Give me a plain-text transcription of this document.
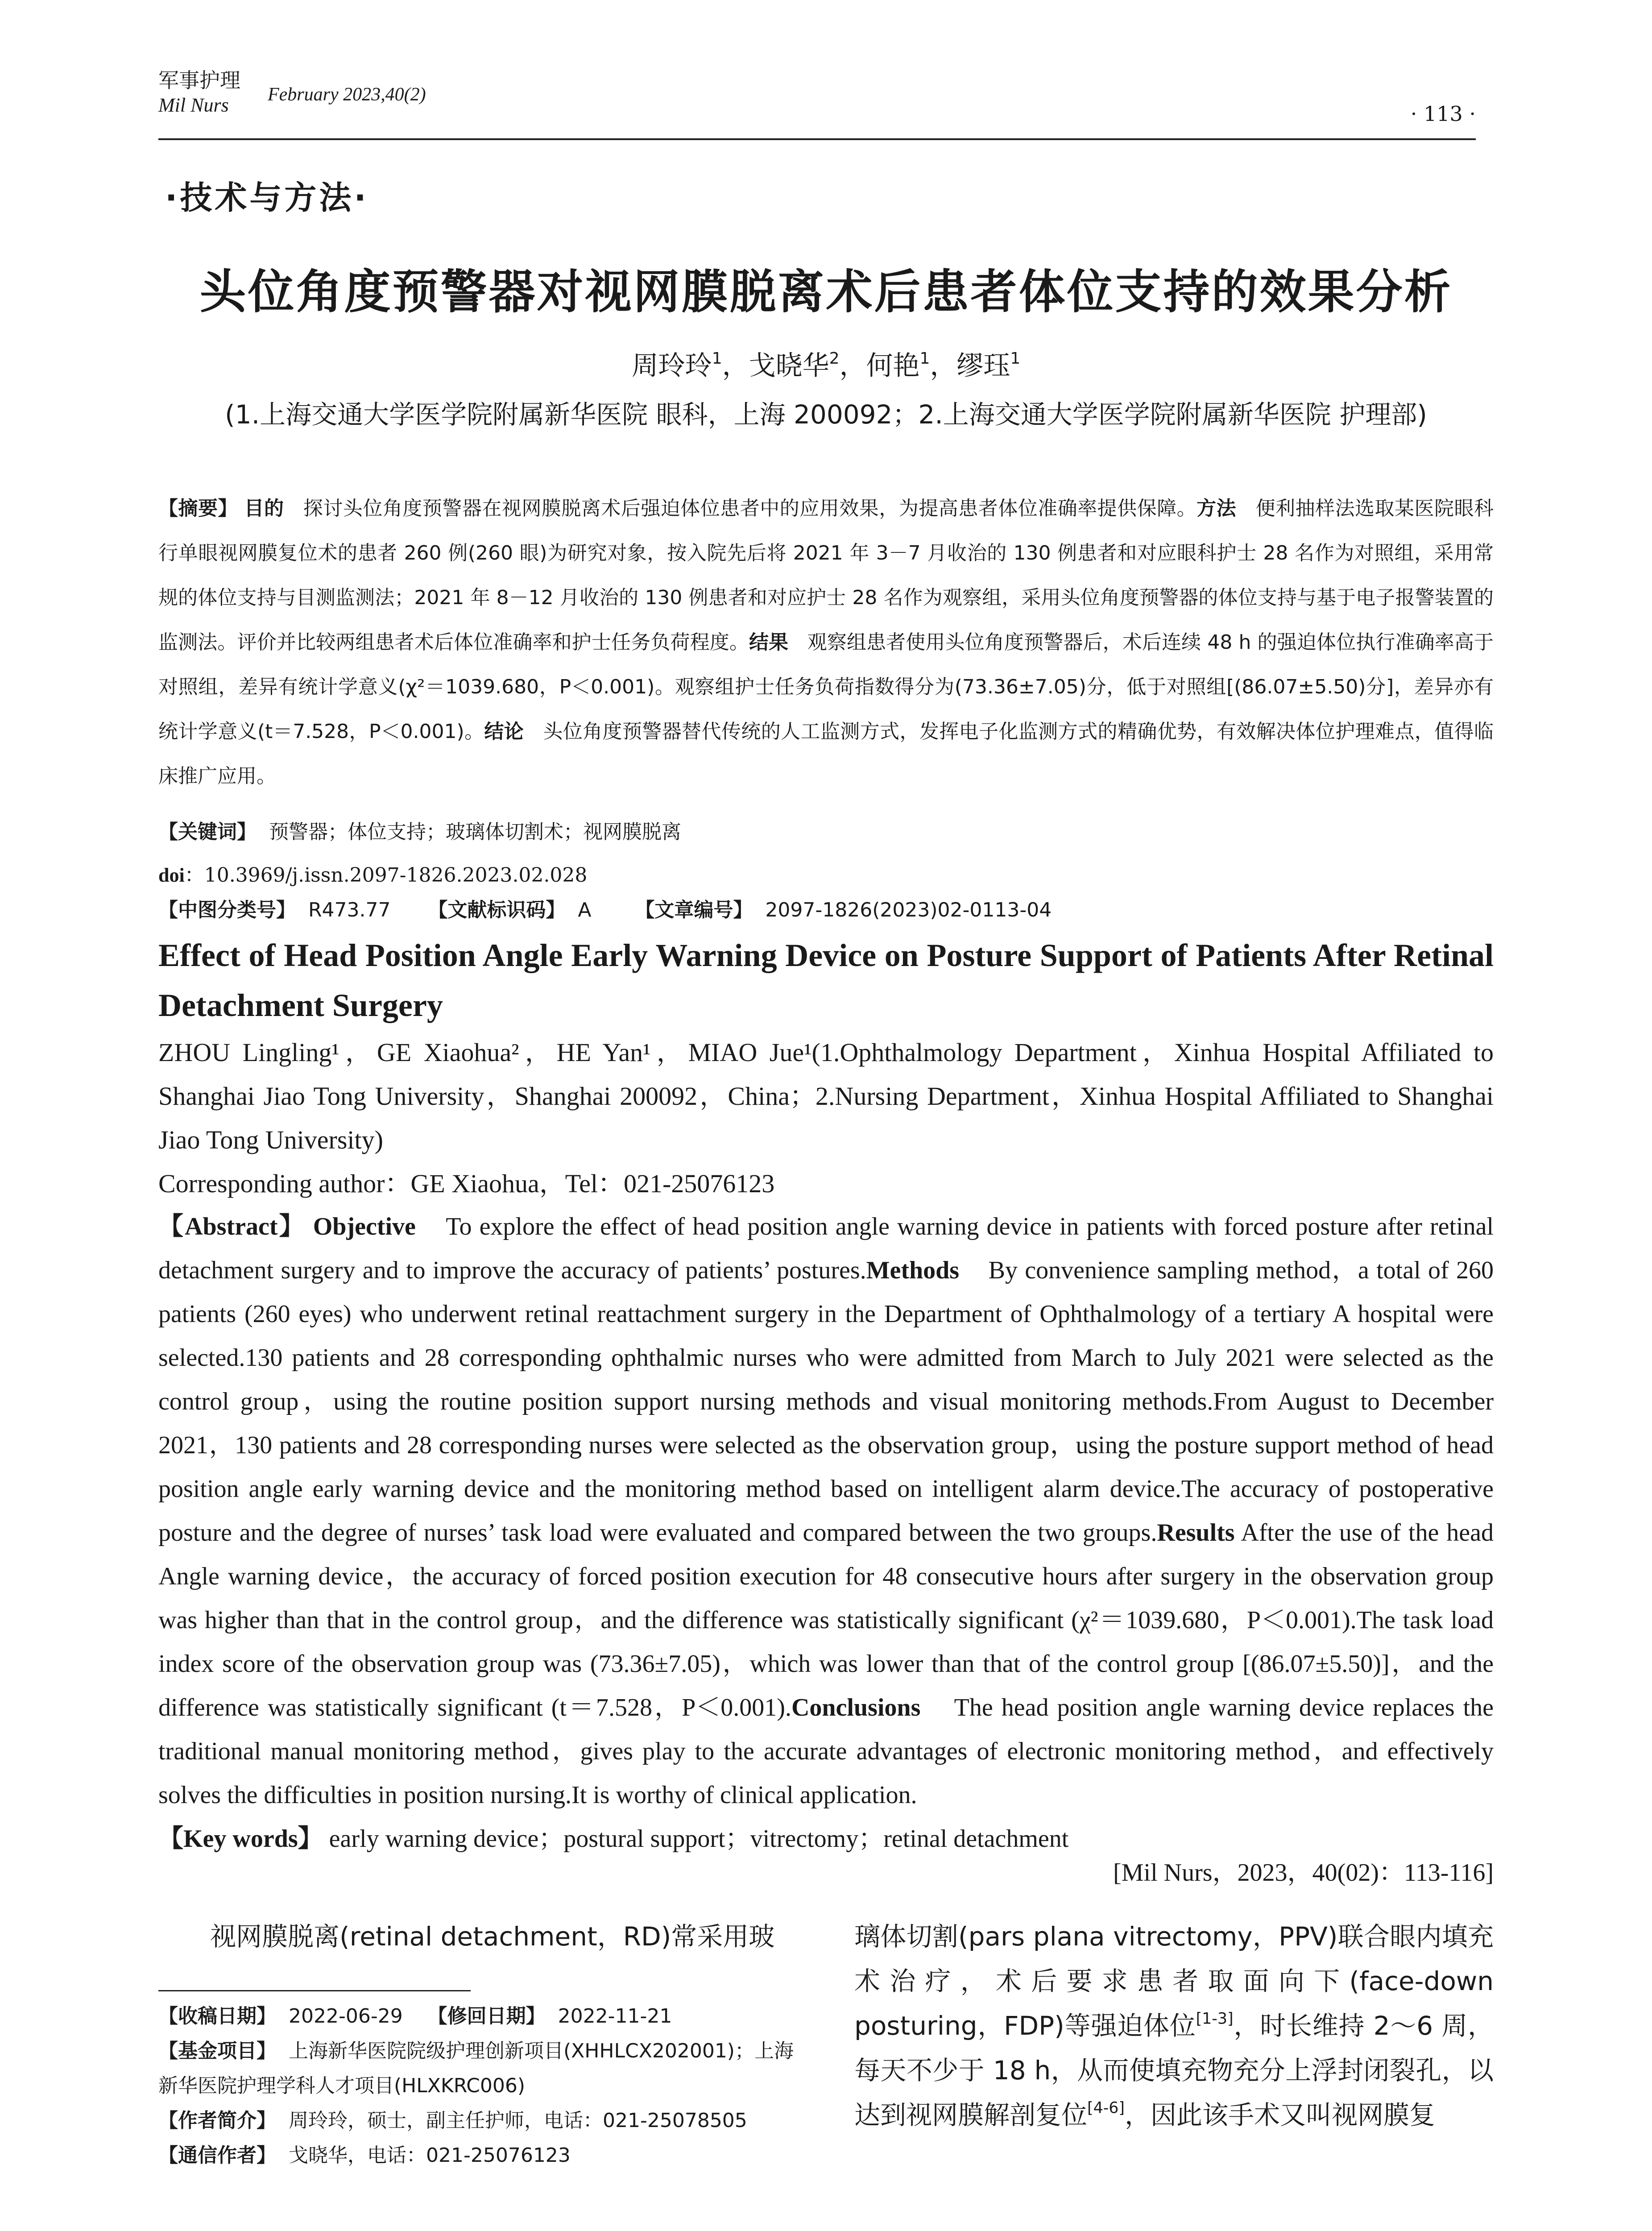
军事护理
Mil Nurs	February 2023,40(2)
· 113 ·
·技术与方法·
头位角度预警器对视网膜脱离术后患者体位支持的效果分析
周玲玲$^1$，戈晓华$^2$，何艳$^1$，缪珏$^1$
(1.上海交通大学医学院附属新华医院 眼科，上海 200092；2.上海交通大学医学院附属新华医院 护理部)
【摘要】 目的 探讨头位角度预警器在视网膜脱离术后强迫体位患者中的应用效果，为提高患者体位准确率提供保障。方法 便利抽样法选取某医院眼科行单眼视网膜复位术的患者 260 例(260 眼)为研究对象，按入院先后将 2021 年 3－7 月收治的 130 例患者和对应眼科护士 28 名作为对照组，采用常规的体位支持与目测监测法；2021 年 8－12 月收治的 130 例患者和对应护士 28 名作为观察组，采用头位角度预警器的体位支持与基于电子报警装置的监测法。评价并比较两组患者术后体位准确率和护士任务负荷程度。结果 观察组患者使用头位角度预警器后，术后连续 48 h 的强迫体位执行准确率高于对照组，差异有统计学意义(χ²＝1039.680，P＜0.001)。观察组护士任务负荷指数得分为(73.36±7.05)分，低于对照组[(86.07±5.50)分]，差异亦有统计学意义(t＝7.528，P＜0.001)。结论 头位角度预警器替代传统的人工监测方式，发挥电子化监测方式的精确优势，有效解决体位护理难点，值得临床推广应用。
【关键词】 预警器；体位支持；玻璃体切割术；视网膜脱离
doi：10.3969/j.issn.2097-1826.2023.02.028
【中图分类号】 R473.77 【文献标识码】 A 【文章编号】 2097-1826(2023)02-0113-04
Effect of Head Position Angle Early Warning Device on Posture Support of Patients After Retinal Detachment Surgery

ZHOU Lingling¹，GE Xiaohua²，HE Yan¹，MIAO Jue¹(1.Ophthalmology Department，Xinhua Hospital Affiliated to Shanghai Jiao Tong University，Shanghai 200092，China；2.Nursing Department，Xinhua Hospital Affiliated to Shanghai Jiao Tong University)

Corresponding author：GE Xiaohua，Tel：021-25076123

【Abstract】 Objective To explore the effect of head position angle warning device in patients with forced posture after retinal detachment surgery and to improve the accuracy of patients’ postures.Methods By convenience sampling method，a total of 260 patients (260 eyes) who underwent retinal reattachment surgery in the Department of Ophthalmology of a tertiary A hospital were selected.130 patients and 28 corresponding ophthalmic nurses who were admitted from March to July 2021 were selected as the control group，using the routine position support nursing methods and visual monitoring methods.From August to December 2021，130 patients and 28 corresponding nurses were selected as the observation group，using the posture support method of head position angle early warning device and the monitoring method based on intelligent alarm device.The accuracy of postoperative posture and the degree of nurses’ task load were evaluated and compared between the two groups.Results After the use of the head Angle warning device，the accuracy of forced position execution for 48 consecutive hours after surgery in the observation group was higher than that in the control group，and the difference was statistically significant (χ²＝1039.680，P＜0.001).The task load index score of the observation group was (73.36±7.05)，which was lower than that of the control group [(86.07±5.50)]，and the difference was statistically significant (t＝7.528，P＜0.001).Conclusions The head position angle warning device replaces the traditional manual monitoring method，gives play to the accurate advantages of electronic monitoring method，and effectively solves the difficulties in position nursing.It is worthy of clinical application.
【Key words】 early warning device；postural support；vitrectomy；retinal detachment
[Mil Nurs，2023，40(02)：113-116]

视网膜脱离(retinal detachment，RD)常采用玻

【收稿日期】 2022-06-29 【修回日期】 2022-11-21

【基金项目】 上海新华医院院级护理创新项目(XHHLCX202001)；上海新华医院护理学科人才项目(HLXKRC006)

【作者简介】 周玲玲，硕士，副主任护师，电话：021-25078505

【通信作者】 戈晓华，电话：021-25076123

璃体切割(pars plana vitrectomy，PPV)联合眼内填充术治疗，术后要求患者取面向下(face-down posturing，FDP)等强迫体位[1-3]，时长维持 2～6 周，每天不少于 18 h，从而使填充物充分上浮封闭裂孔，以达到视网膜解剖复位[4-6]，因此该手术又叫视网膜复
